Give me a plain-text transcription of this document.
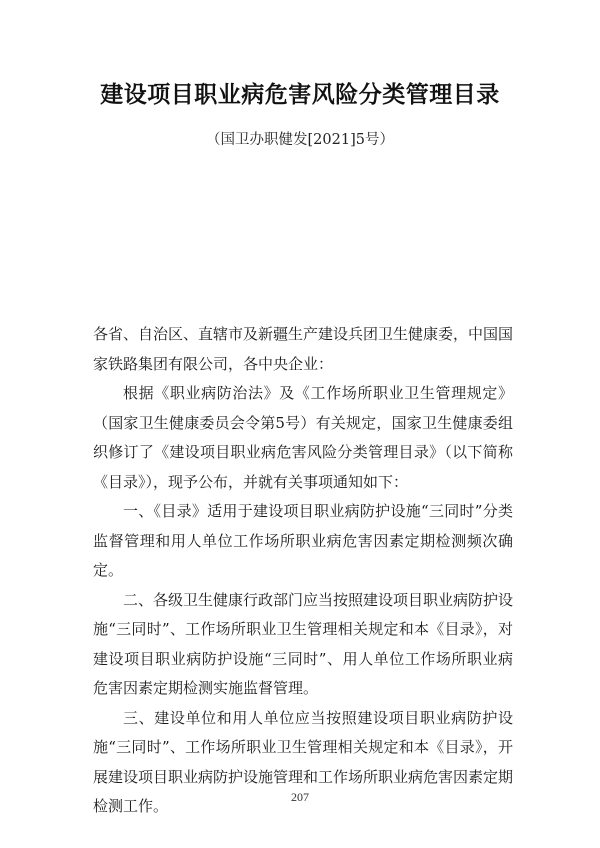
建设项目职业病危害风险分类管理目录
（国卫办职健发[2021]5号）

各省、自治区、直辖市及新疆生产建设兵团卫生健康委，中国国家铁路集团有限公司，各中央企业：

根据《职业病防治法》及《工作场所职业卫生管理规定》（国家卫生健康委员会令第5号）有关规定，国家卫生健康委组织修订了《建设项目职业病危害风险分类管理目录》（以下简称《目录》），现予公布，并就有关事项通知如下：

一、《目录》适用于建设项目职业病防护设施“三同时”分类监督管理和用人单位工作场所职业病危害因素定期检测频次确定。

二、各级卫生健康行政部门应当按照建设项目职业病防护设施“三同时”、工作场所职业卫生管理相关规定和本《目录》，对建设项目职业病防护设施“三同时”、用人单位工作场所职业病危害因素定期检测实施监督管理。

三、建设单位和用人单位应当按照建设项目职业病防护设施“三同时”、工作场所职业卫生管理相关规定和本《目录》，开展建设项目职业病防护设施管理和工作场所职业病危害因素定期检测工作。	207
